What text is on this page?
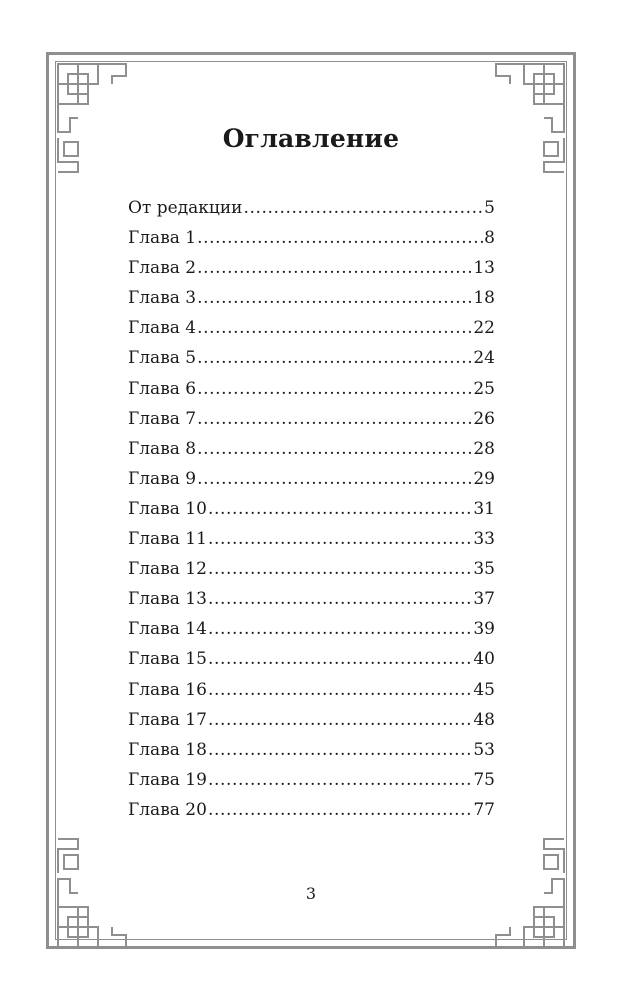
Оглавление
От редакции .....	5
Глава 1 .....	8
Глава 2 .....	13
Глава 3 .....	18
Глава 4 .....	22
Глава 5 .....	24
Глава 6 .....	25
Глава 7 .....	26
Глава 8 .....	28
Глава 9 .....	29
Глава 10 .....	31
Глава 11 .....	33
Глава 12 .....	35
Глава 13 .....	37
Глава 14 .....	39
Глава 15 .....	40
Глава 16 .....	45
Глава 17 .....	48
Глава 18 .....	53
Глава 19 .....	75
Глава 20 .....	77
3
